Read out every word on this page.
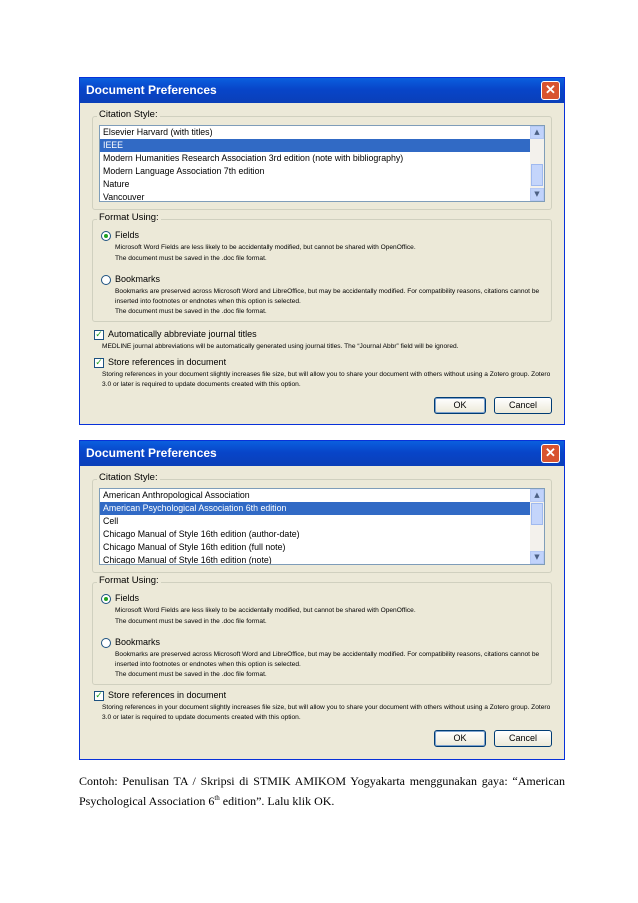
Document Preferences	✕
Citation Style:
Elsevier Harvard (with titles)
IEEE
Modern Humanities Research Association 3rd edition (note with bibliography)
Modern Language Association 7th edition
Nature
Vancouver
▲
▼
Format Using:
Fields
Microsoft Word Fields are less likely to be accidentally modified, but cannot be shared with OpenOffice.
The document must be saved in the .doc file format.
Bookmarks
Bookmarks are preserved across Microsoft Word and LibreOffice, but may be accidentally modified. For compatibility reasons, citations cannot be inserted into footnotes or endnotes when this option is selected.
The document must be saved in the .doc file format.
✓ Automatically abbreviate journal titles
MEDLINE journal abbreviations will be automatically generated using journal titles. The “Journal Abbr” field will be ignored.
✓ Store references in document
Storing references in your document slightly increases file size, but will allow you to share your document with others without using a Zotero group. Zotero 3.0 or later is required to update documents created with this option.
OK	Cancel
Document Preferences	✕
Citation Style:
American Anthropological Association
American Psychological Association 6th edition
Cell
Chicago Manual of Style 16th edition (author-date)
Chicago Manual of Style 16th edition (full note)
Chicago Manual of Style 16th edition (note)
▲
▼
Format Using:
Fields
Microsoft Word Fields are less likely to be accidentally modified, but cannot be shared with OpenOffice.
The document must be saved in the .doc file format.
Bookmarks
Bookmarks are preserved across Microsoft Word and LibreOffice, but may be accidentally modified. For compatibility reasons, citations cannot be inserted into footnotes or endnotes when this option is selected.
The document must be saved in the .doc file format.
✓ Store references in document
Storing references in your document slightly increases file size, but will allow you to share your document with others without using a Zotero group. Zotero 3.0 or later is required to update documents created with this option.
OK	Cancel
Contoh: Penulisan TA / Skripsi di STMIK AMIKOM Yogyakarta menggunakan gaya: “American Psychological Association 6th edition”. Lalu klik OK.
